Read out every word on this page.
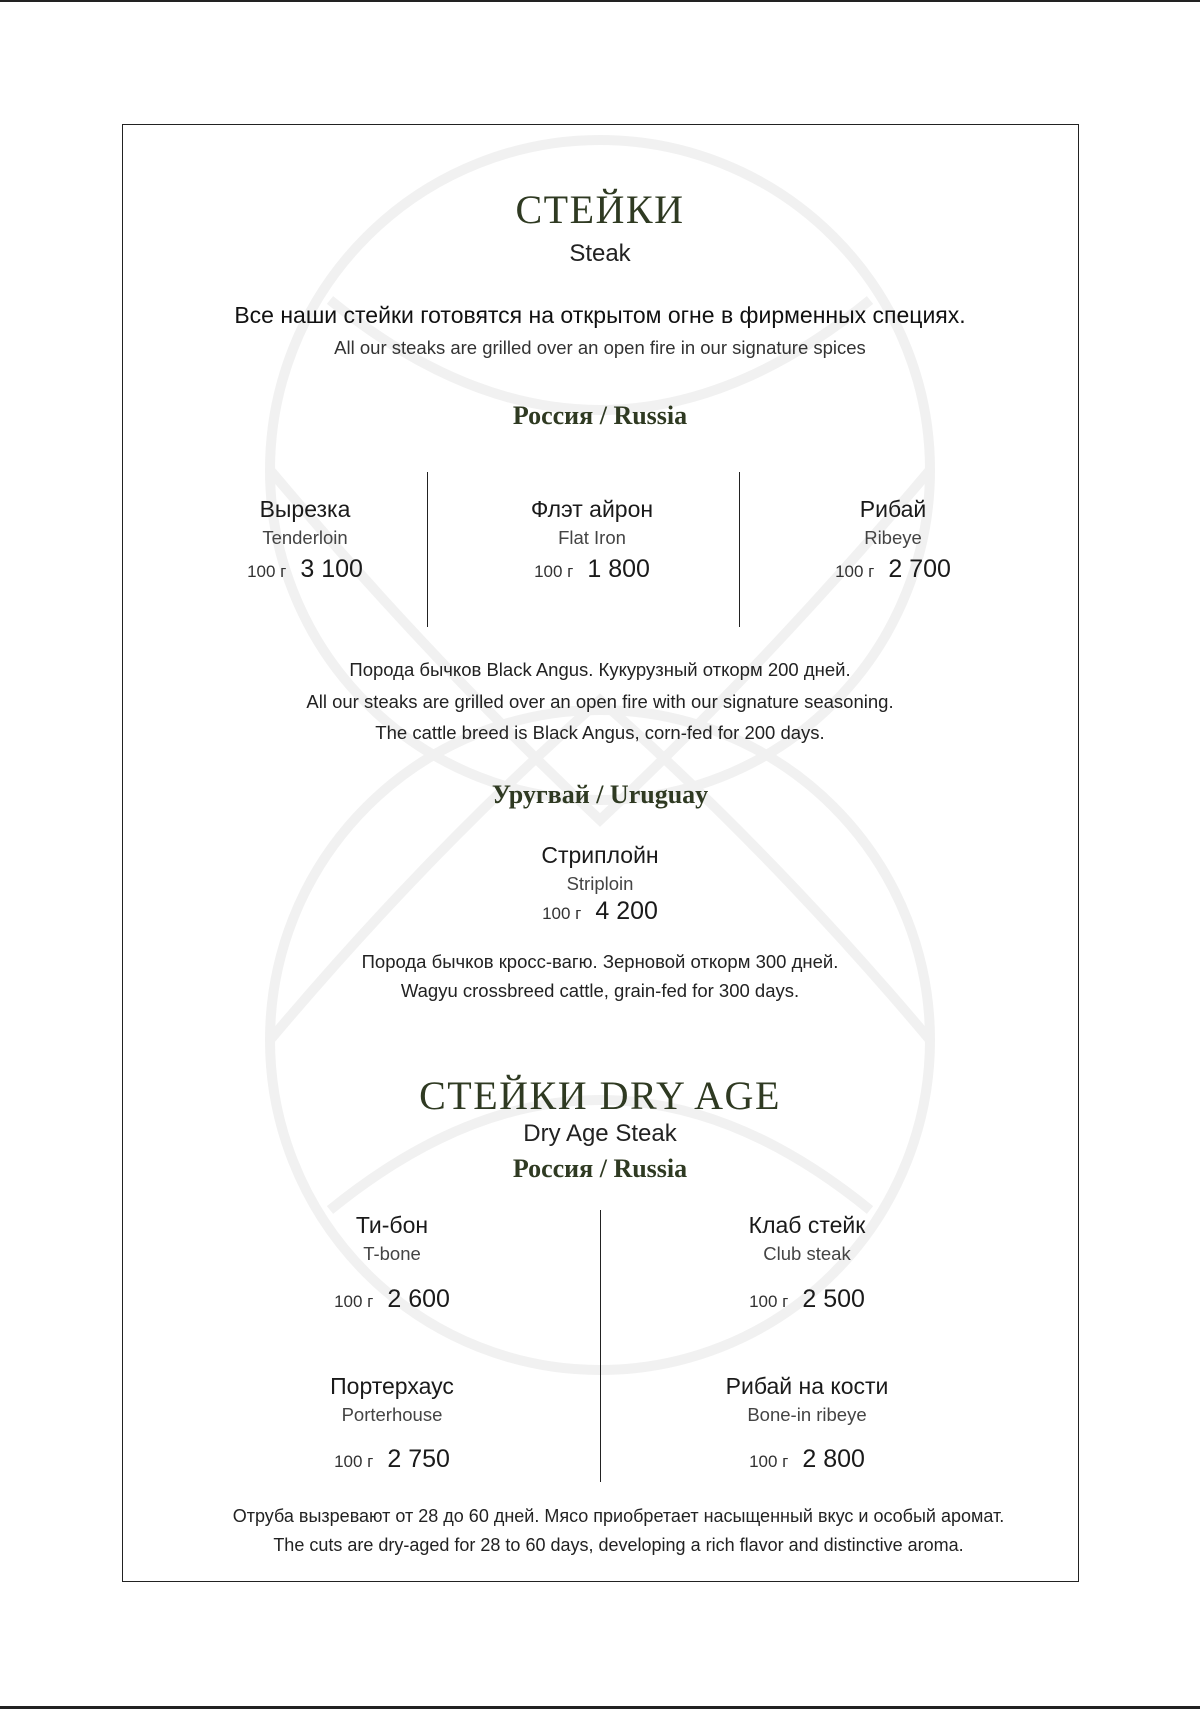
СТЕЙКИ
Steak
Все наши стейки готовятся на открытом огне в фирменных специях.
All our steaks are grilled over an open fire in our signature spices
Россия / Russia
Вырезка
Tenderloin
100 г 3 100
Флэт айрон
Flat Iron
100 г 1 800
Рибай
Ribeye
100 г 2 700
Порода бычков Black Angus. Кукурузный откорм 200 дней.
All our steaks are grilled over an open fire with our signature seasoning.
The cattle breed is Black Angus, corn-fed for 200 days.
Уругвай / Uruguay
Стриплойн
Striploin
100 г 4 200
Порода бычков кросс-вагю. Зерновой откорм 300 дней.
Wagyu crossbreed cattle, grain-fed for 300 days.
СТЕЙКИ DRY AGE
Dry Age Steak
Россия / Russia
Ти-бон
T-bone
100 г 2 600
Клаб стейк
Club steak
100 г 2 500
Портерхаус
Porterhouse
100 г 2 750
Рибай на кости
Bone-in ribeye
100 г 2 800
Отруба вызревают от 28 до 60 дней. Мясо приобретает насыщенный вкус и особый аромат.
The cuts are dry-aged for 28 to 60 days, developing a rich flavor and distinctive aroma.
